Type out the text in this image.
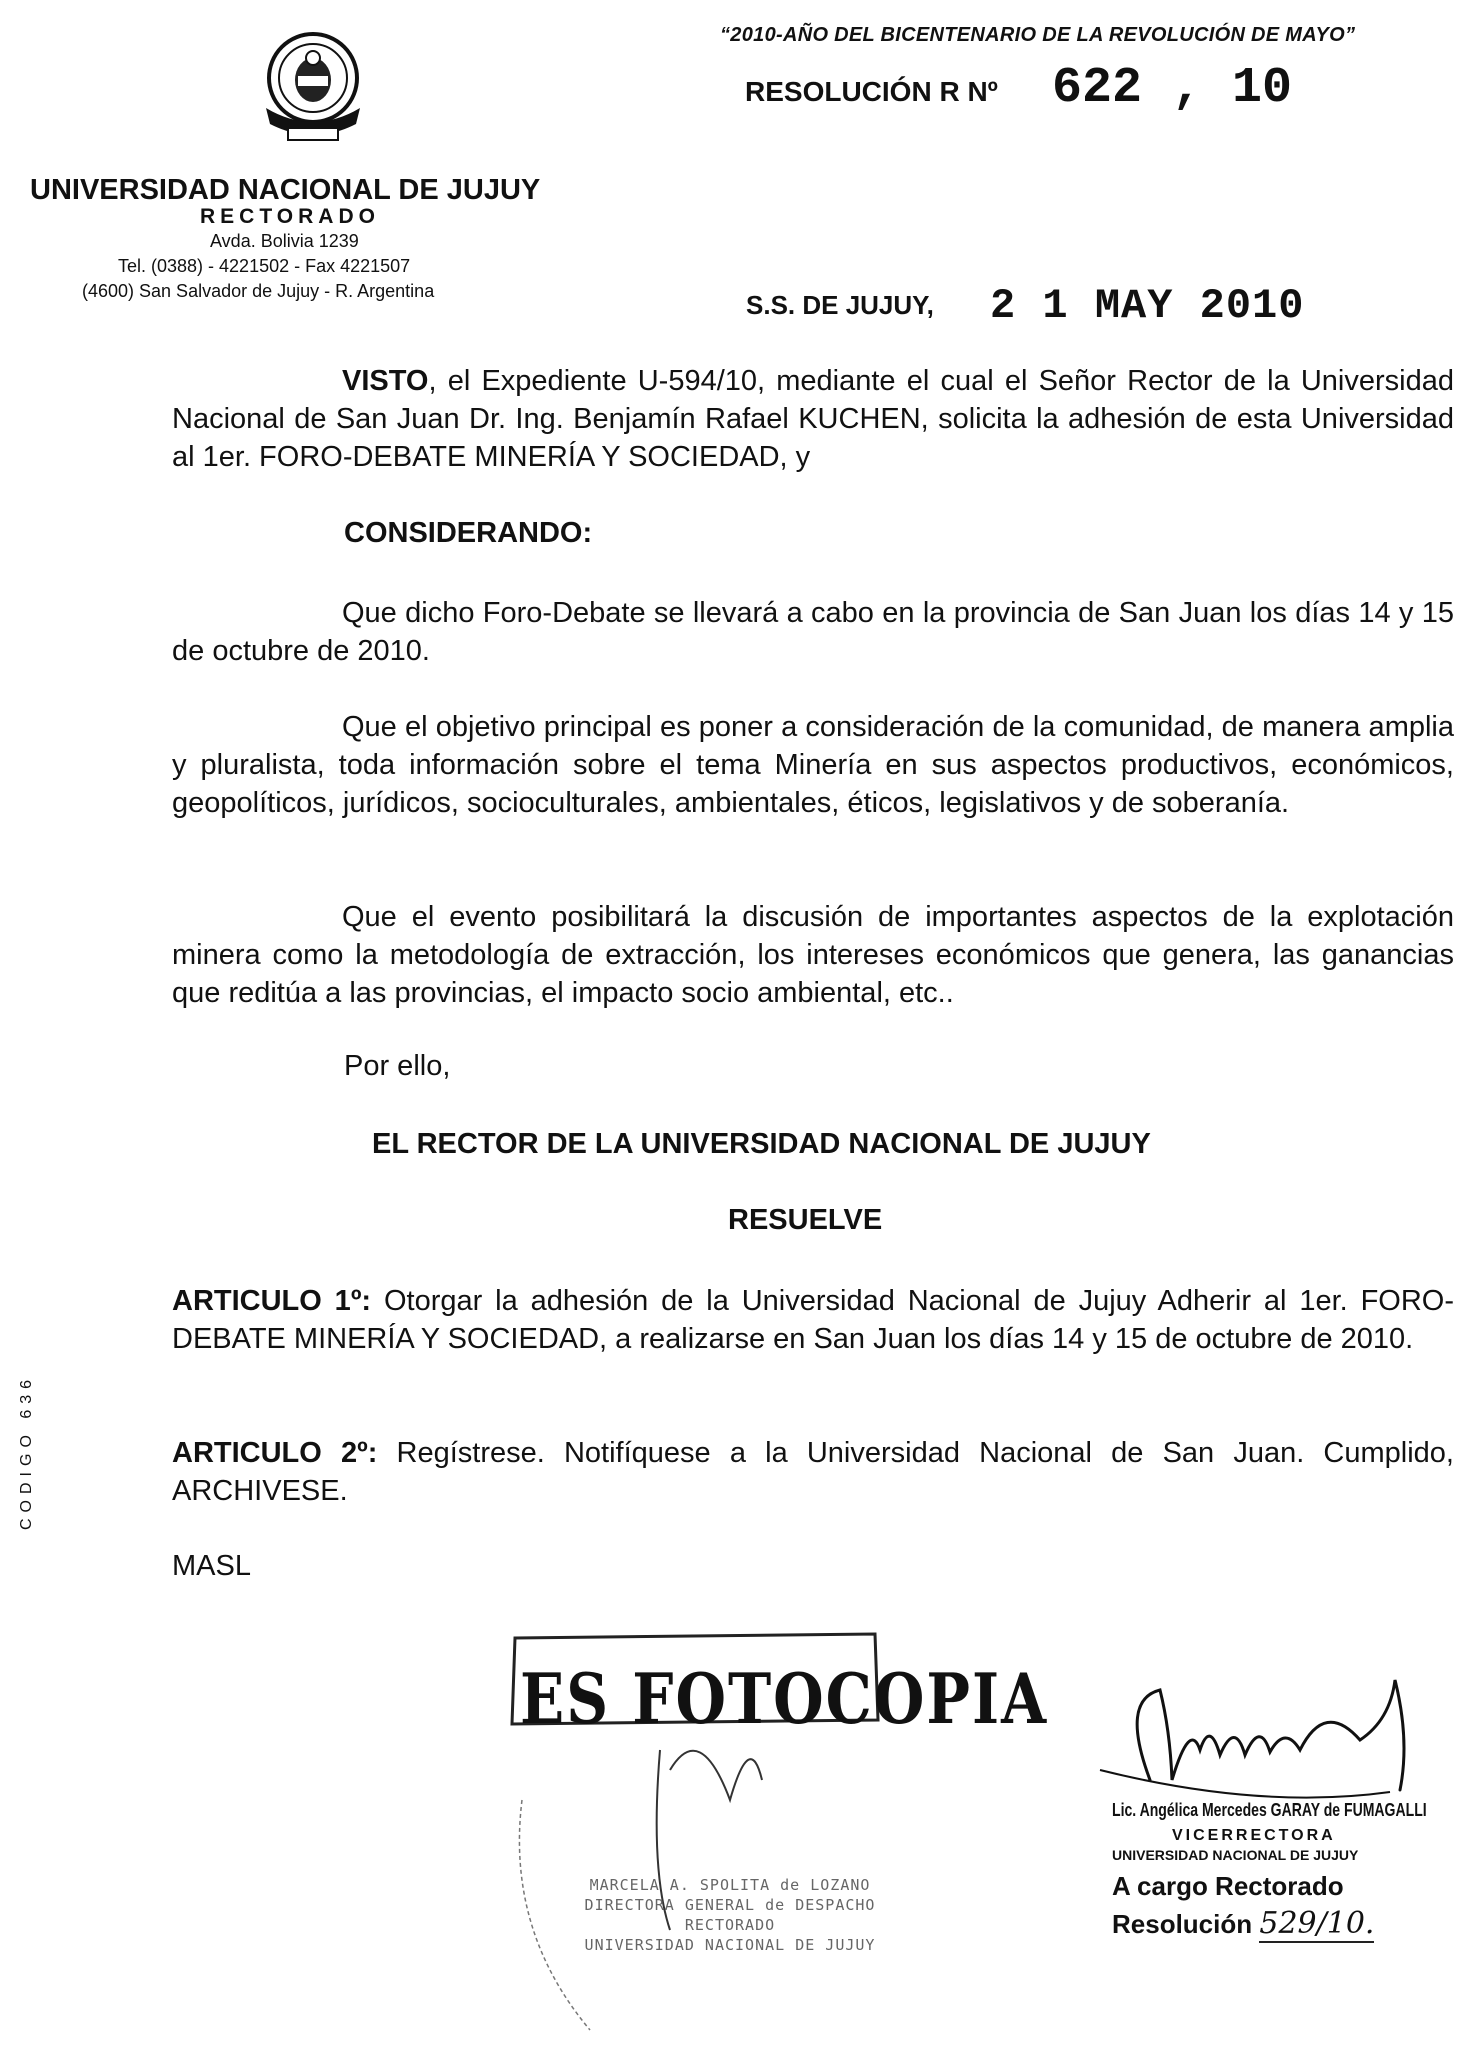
“2010-AÑO DEL BICENTENARIO DE LA REVOLUCIÓN DE MAYO”
RESOLUCIÓN R Nº 622 , 10
UNIVERSIDAD NACIONAL DE JUJUY
RECTORADO
Avda. Bolivia 1239
Tel. (0388) - 4221502 - Fax 4221507
(4600) San Salvador de Jujuy - R. Argentina	S.S. DE JUJUY, 2 1 MAY 2010
VISTO, el Expediente U-594/10, mediante el cual el Señor Rector de la Universidad Nacional de San Juan Dr. Ing. Benjamín Rafael KUCHEN, solicita la adhesión de esta Universidad al 1er. FORO-DEBATE MINERÍA Y SOCIEDAD, y
CONSIDERANDO:
Que dicho Foro-Debate se llevará a cabo en la provincia de San Juan los días 14 y 15 de octubre de 2010.
Que el objetivo principal es poner a consideración de la comunidad, de manera amplia y pluralista, toda información sobre el tema Minería en sus aspectos productivos, económicos, geopolíticos, jurídicos, socioculturales, ambientales, éticos, legislativos y de soberanía.
Que el evento posibilitará la discusión de importantes aspectos de la explotación minera como la metodología de extracción, los intereses económicos que genera, las ganancias que reditúa a las provincias, el impacto socio ambiental, etc..
Por ello,
EL RECTOR DE LA UNIVERSIDAD NACIONAL DE JUJUY
RESUELVE
ARTICULO 1º: Otorgar la adhesión de la Universidad Nacional de Jujuy Adherir al 1er. FORO-DEBATE MINERÍA Y SOCIEDAD, a realizarse en San Juan los días 14 y 15 de octubre de 2010.
ARTICULO 2º: Regístrese. Notifíquese a la Universidad Nacional de San Juan. Cumplido, ARCHIVESE.
MASL
CODIGO 636
ES FOTOCOPIA
MARCELA A. SPOLITA de LOZANO
DIRECTORA GENERAL de DESPACHO
RECTORADO
UNIVERSIDAD NACIONAL DE JUJUY
Lic. Angélica Mercedes GARAY de FUMAGALLI
VICERRECTORA
UNIVERSIDAD NACIONAL DE JUJUY
A cargo Rectorado
Resolución 529/10.
